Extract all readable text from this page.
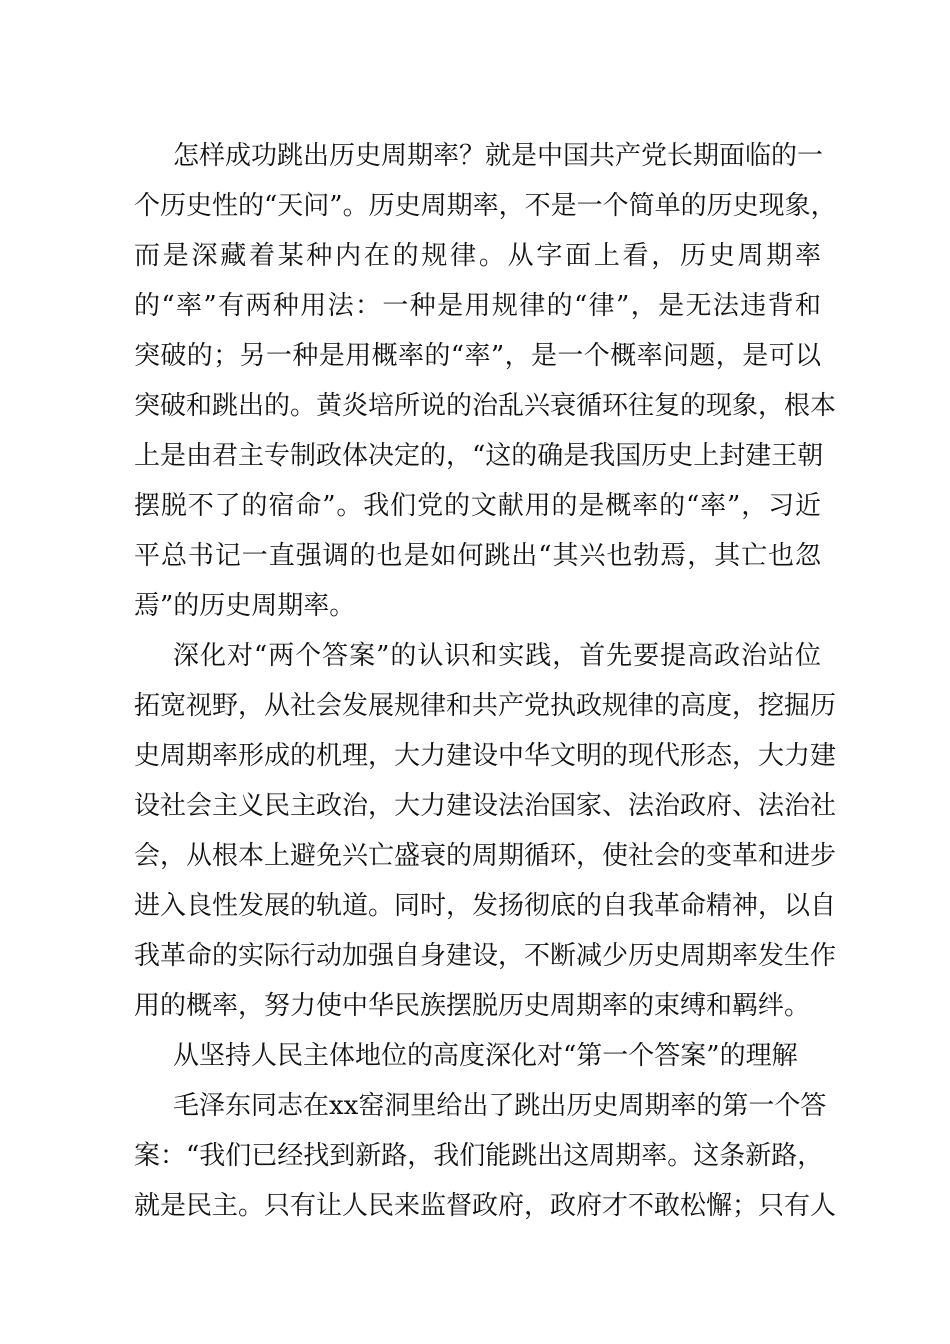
怎样成功跳出历史周期率？就是中国共产党长期面临的一

个历史性的“天问”。历史周期率，不是一个简单的历史现象，

而是深藏着某种内在的规律。从字面上看，历史周期率

的“率”有两种用法：一种是用规律的“律”，是无法违背和

突破的；另一种是用概率的“率”，是一个概率问题，是可以

突破和跳出的。黄炎培所说的治乱兴衰循环往复的现象，根本

上是由君主专制政体决定的，“这的确是我国历史上封建王朝

摆脱不了的宿命”。我们党的文献用的是概率的“率”，习近

平总书记一直强调的也是如何跳出“其兴也勃焉，其亡也忽

焉”的历史周期率。

深化对“两个答案”的认识和实践，首先要提高政治站位

拓宽视野，从社会发展规律和共产党执政规律的高度，挖掘历

史周期率形成的机理，大力建设中华文明的现代形态，大力建

设社会主义民主政治，大力建设法治国家、法治政府、法治社

会，从根本上避免兴亡盛衰的周期循环，使社会的变革和进步

进入良性发展的轨道。同时，发扬彻底的自我革命精神，以自

我革命的实际行动加强自身建设，不断减少历史周期率发生作

用的概率，努力使中华民族摆脱历史周期率的束缚和羁绊。

从坚持人民主体地位的高度深化对“第一个答案”的理解

毛泽东同志在xx窑洞里给出了跳出历史周期率的第一个答

案：“我们已经找到新路，我们能跳出这周期率。这条新路，

就是民主。只有让人民来监督政府，政府才不敢松懈；只有人
